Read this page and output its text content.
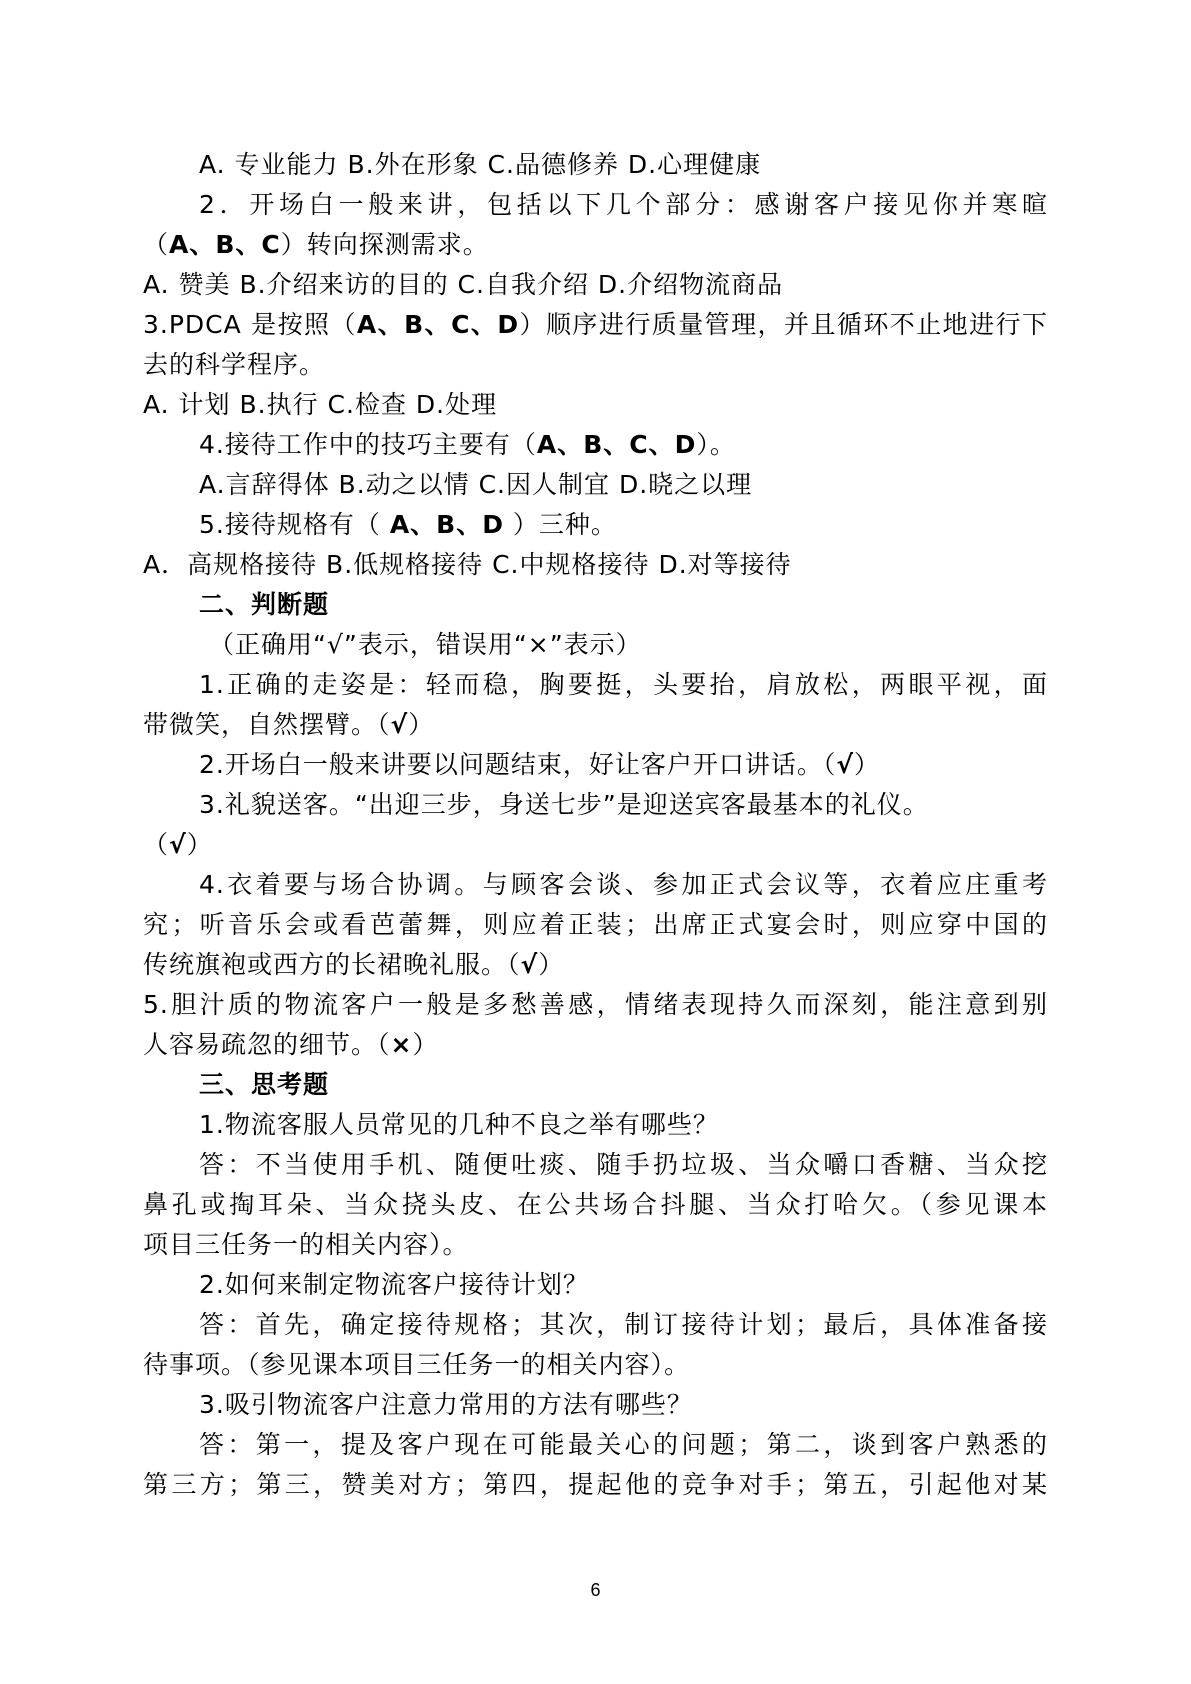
A. 专业能力 B.外在形象 C.品德修养 D.心理健康
2．开场白一般来讲，包括以下几个部分：感谢客户接见你并寒暄
（A、B、C）转向探测需求。
A. 赞美 B.介绍来访的目的 C.自我介绍 D.介绍物流商品
3.PDCA 是按照（A、B、C、D）顺序进行质量管理，并且循环不止地进行下
去的科学程序。
A. 计划 B.执行 C.检查 D.处理
4.接待工作中的技巧主要有（A、B、C、D）。
A.言辞得体 B.动之以情 C.因人制宜 D.晓之以理
5.接待规格有（ A、B、D ）三种。
A．高规格接待 B.低规格接待 C.中规格接待 D.对等接待
二、判断题
（正确用“√”表示，错误用“×”表示）
1.正确的走姿是：轻而稳，胸要挺，头要抬，肩放松，两眼平视，面
带微笑，自然摆臂。（√）
2.开场白一般来讲要以问题结束，好让客户开口讲话。（√）
3.礼貌送客。“出迎三步，身送七步”是迎送宾客最基本的礼仪。
（√）
4.衣着要与场合协调。与顾客会谈、参加正式会议等，衣着应庄重考
究；听音乐会或看芭蕾舞，则应着正装；出席正式宴会时，则应穿中国的
传统旗袍或西方的长裙晚礼服。（√）
5.胆汁质的物流客户一般是多愁善感，情绪表现持久而深刻，能注意到别
人容易疏忽的细节。（×）
三、思考题
1.物流客服人员常见的几种不良之举有哪些？
答：不当使用手机、随便吐痰、随手扔垃圾、当众嚼口香糖、当众挖
鼻孔或掏耳朵、当众挠头皮、在公共场合抖腿、当众打哈欠。（参见课本
项目三任务一的相关内容）。
2.如何来制定物流客户接待计划？
答：首先，确定接待规格；其次，制订接待计划；最后，具体准备接
待事项。（参见课本项目三任务一的相关内容）。
3.吸引物流客户注意力常用的方法有哪些？
答：第一，提及客户现在可能最关心的问题；第二，谈到客户熟悉的
第三方；第三，赞美对方；第四，提起他的竞争对手；第五，引起他对某
6
